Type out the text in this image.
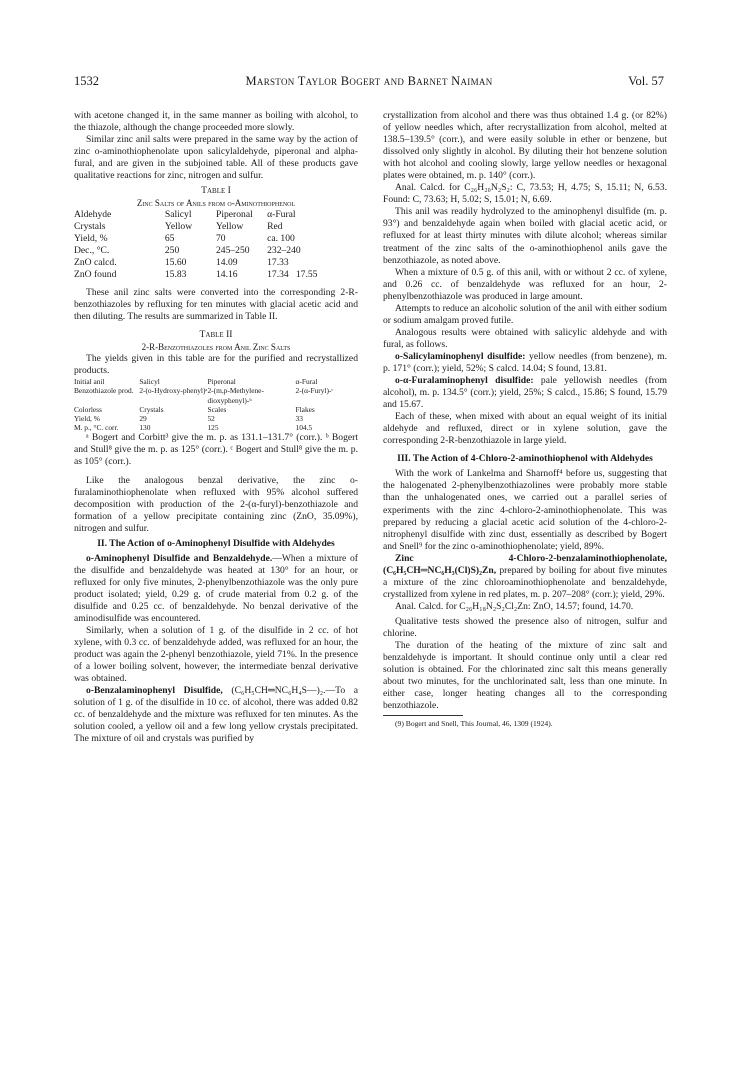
1532	Marston Taylor Bogert and Barnet Naiman	Vol. 57

with acetone changed it, in the same manner as boiling with alcohol, to the thiazole, although the change proceeded more slowly.

Similar zinc anil salts were prepared in the same way by the action of zinc o-aminothiophenolate upon salicylaldehyde, piperonal and alpha-fural, and are given in the subjoined table. All of these products gave qualitative reactions for zinc, nitrogen and sulfur.

Table I

Zinc Salts of Anils from o-Aminothiophenol

Aldehyde	Salicyl	Piperonal	α-Fural
Crystals	Yellow	Yellow	Red
Yield, %	65	70	ca. 100
Dec., °C.	250	245–250	232–240
ZnO calcd.	15.60	14.09	17.33
ZnO found	15.83	14.16	17.34   17.55

These anil zinc salts were converted into the corresponding 2-R-benzothiazoles by refluxing for ten minutes with glacial acetic acid and then diluting. The results are summarized in Table II.

Table II

2-R-Benzothiazoles from Anil Zinc Salts

The yields given in this table are for the purified and recrystallized products.

Initial anil	Salicyl	Piperonal	α-Fural
Benzothiazole prod.	2-(o-Hydroxy-phenyl)ᵃ	2-(m,p-Methylene-dioxyphenyl)-ᵇ	2-(α-Furyl)-ᶜ
Colorless	Crystals	Scales	Flakes
Yield, %	29	52	33
M. p., °C. corr.	130	125	104.5

ᵃ Bogert and Corbitt³ give the m. p. as 131.1–131.7° (corr.). ᵇ Bogert and Stull⁸ give the m. p. as 125° (corr.). ᶜ Bogert and Stull⁸ give the m. p. as 105° (corr.).

Like the analogous benzal derivative, the zinc o-furalaminothiophenolate when refluxed with 95% alcohol suffered decomposition with production of the 2-(α-furyl)-benzothiazole and formation of a yellow precipitate containing zinc (ZnO, 35.09%), nitrogen and sulfur.

II. The Action of o-Aminophenyl Disulfide with Aldehydes

o-Aminophenyl Disulfide and Benzaldehyde.—When a mixture of the disulfide and benzaldehyde was heated at 130° for an hour, or refluxed for only five minutes, 2-phenylbenzothiazole was the only pure product isolated; yield, 0.29 g. of crude material from 0.2 g. of the disulfide and 0.25 cc. of benzaldehyde. No benzal derivative of the aminodisulfide was encountered.

Similarly, when a solution of 1 g. of the disulfide in 2 cc. of hot xylene, with 0.3 cc. of benzaldehyde added, was refluxed for an hour, the product was again the 2-phenyl benzothiazole, yield 71%. In the presence of a lower boiling solvent, however, the intermediate benzal derivative was obtained.

o-Benzalaminophenyl Disulfide, (C₆H₅CH═NC₆H₄S—)₂.—To a solution of 1 g. of the disulfide in 10 cc. of alcohol, there was added 0.82 cc. of benzaldehyde and the mixture was refluxed for ten minutes. As the solution cooled, a yellow oil and a few long yellow crystals precipitated. The mixture of oil and crystals was purified by

crystallization from alcohol and there was thus obtained 1.4 g. (or 82%) of yellow needles which, after recrystallization from alcohol, melted at 138.5–139.5° (corr.), and were easily soluble in ether or benzene, but dissolved only slightly in alcohol. By diluting their hot benzene solution with hot alcohol and cooling slowly, large yellow needles or hexagonal plates were obtained, m. p. 140° (corr.).

Anal. Calcd. for C₂₆H₂₀N₂S₂: C, 73.53; H, 4.75; S, 15.11; N, 6.53. Found: C, 73.63; H, 5.02; S, 15.01; N, 6.69.

This anil was readily hydrolyzed to the aminophenyl disulfide (m. p. 93°) and benzaldehyde again when boiled with glacial acetic acid, or refluxed for at least thirty minutes with dilute alcohol; whereas similar treatment of the zinc salts of the o-aminothiophenol anils gave the benzothiazole, as noted above.

When a mixture of 0.5 g. of this anil, with or without 2 cc. of xylene, and 0.26 cc. of benzaldehyde was refluxed for an hour, 2-phenylbenzothiazole was produced in large amount.

Attempts to reduce an alcoholic solution of the anil with either sodium or sodium amalgam proved futile.

Analogous results were obtained with salicylic aldehyde and with fural, as follows.

o-Salicylaminophenyl disulfide: yellow needles (from benzene), m. p. 171° (corr.); yield, 52%; S calcd. 14.04; S found, 13.81.

o-α-Furalaminophenyl disulfide: pale yellowish needles (from alcohol), m. p. 134.5° (corr.); yield, 25%; S calcd., 15.86; S found, 15.79 and 15.67.

Each of these, when mixed with about an equal weight of its initial aldehyde and refluxed, direct or in xylene solution, gave the corresponding 2-R-benzothiazole in large yield.

III. The Action of 4-Chloro-2-aminothiophenol with Aldehydes

With the work of Lankelma and Sharnoff⁴ before us, suggesting that the halogenated 2-phenylbenzothiazolines were probably more stable than the unhalogenated ones, we carried out a parallel series of experiments with the zinc 4-chloro-2-aminothiophenolate. This was prepared by reducing a glacial acetic acid solution of the 4-chloro-2-nitrophenyl disulfide with zinc dust, essentially as described by Bogert and Snell⁹ for the zinc o-aminothiophenolate; yield, 89%.

Zinc 4-Chloro-2-benzalaminothiophenolate, (C₆H₅CH═NC₆H₃(Cl)S)₂Zn, prepared by boiling for about five minutes a mixture of the zinc chloroaminothiophenolate and benzaldehyde, crystallized from xylene in red plates, m. p. 207–208° (corr.); yield, 29%.

Anal. Calcd. for C₂₆H₁₈N₂S₂Cl₂Zn: ZnO, 14.57; found, 14.70.

Qualitative tests showed the presence also of nitrogen, sulfur and chlorine.

The duration of the heating of the mixture of zinc salt and benzaldehyde is important. It should continue only until a clear red solution is obtained. For the chlorinated zinc salt this means generally about two minutes, for the unchlorinated salt, less than one minute. In either case, longer heating changes all to the corresponding benzothiazole.

(9) Bogert and Snell, This Journal, 46, 1309 (1924).
